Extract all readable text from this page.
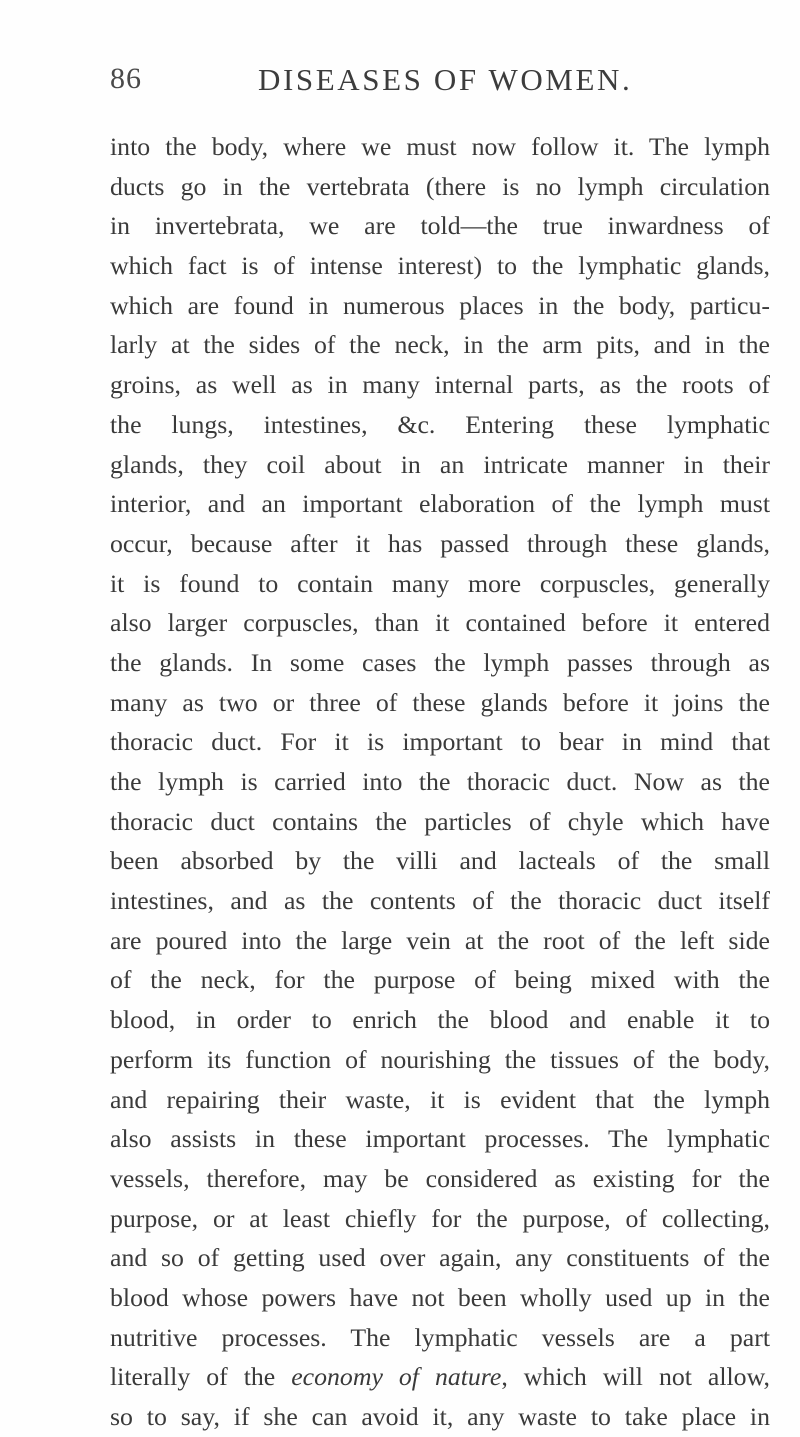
86	DISEASES OF WOMEN.
into the body, where we must now follow it. The lymph
ducts go in the vertebrata (there is no lymph circulation
in invertebrata, we are told—the true inwardness of
which fact is of intense interest) to the lymphatic glands,
which are found in numerous places in the body, particu-
larly at the sides of the neck, in the arm pits, and in the
groins, as well as in many internal parts, as the roots of
the lungs, intestines, &c. Entering these lymphatic
glands, they coil about in an intricate manner in their
interior, and an important elaboration of the lymph must
occur, because after it has passed through these glands,
it is found to contain many more corpuscles, generally
also larger corpuscles, than it contained before it entered
the glands. In some cases the lymph passes through as
many as two or three of these glands before it joins the
thoracic duct. For it is important to bear in mind that
the lymph is carried into the thoracic duct. Now as the
thoracic duct contains the particles of chyle which have
been absorbed by the villi and lacteals of the small
intestines, and as the contents of the thoracic duct itself
are poured into the large vein at the root of the left side
of the neck, for the purpose of being mixed with the
blood, in order to enrich the blood and enable it to
perform its function of nourishing the tissues of the body,
and repairing their waste, it is evident that the lymph
also assists in these important processes. The lymphatic
vessels, therefore, may be considered as existing for the
purpose, or at least chiefly for the purpose, of collecting,
and so of getting used over again, any constituents of the
blood whose powers have not been wholly used up in the
nutritive processes. The lymphatic vessels are a part
literally of the economy of nature, which will not allow,
so to say, if she can avoid it, any waste to take place in
